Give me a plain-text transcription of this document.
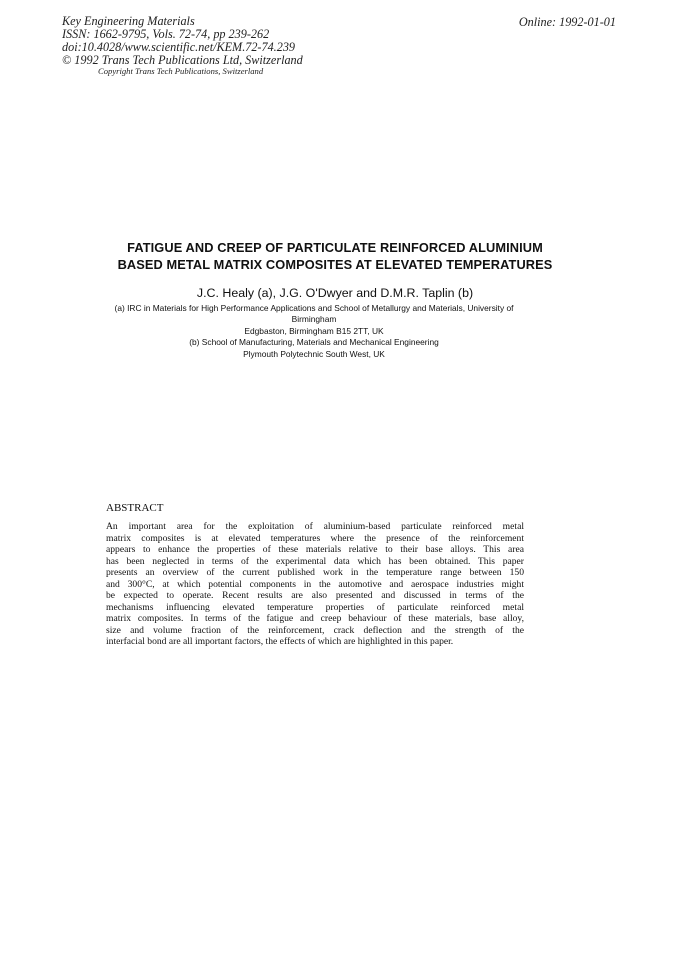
Key Engineering Materials
ISSN: 1662-9795, Vols. 72-74, pp 239-262
doi:10.4028/www.scientific.net/KEM.72-74.239
© 1992 Trans Tech Publications Ltd, Switzerland
Online: 1992-01-01
Copyright Trans Tech Publications, Switzerland
FATIGUE AND CREEP OF PARTICULATE REINFORCED ALUMINIUM
BASED METAL MATRIX COMPOSITES AT ELEVATED TEMPERATURES
J.C. Healy (a), J.G. O'Dwyer and D.M.R. Taplin (b)
(a) IRC in Materials for High Performance Applications and School of Metallurgy and Materials, University of
Birmingham
Edgbaston, Birmingham B15 2TT, UK
(b) School of Manufacturing, Materials and Mechanical Engineering
Plymouth Polytechnic South West, UK
ABSTRACT
An important area for the exploitation of aluminium-based particulate reinforced metal
matrix composites is at elevated temperatures where the presence of the reinforcement
appears to enhance the properties of these materials relative to their base alloys. This area
has been neglected in terms of the experimental data which has been obtained. This paper
presents an overview of the current published work in the temperature range between 150
and 300°C, at which potential components in the automotive and aerospace industries might
be expected to operate. Recent results are also presented and discussed in terms of the
mechanisms influencing elevated temperature properties of particulate reinforced metal
matrix composites. In terms of the fatigue and creep behaviour of these materials, base alloy,
size and volume fraction of the reinforcement, crack deflection and the strength of the
interfacial bond are all important factors, the effects of which are highlighted in this paper.
